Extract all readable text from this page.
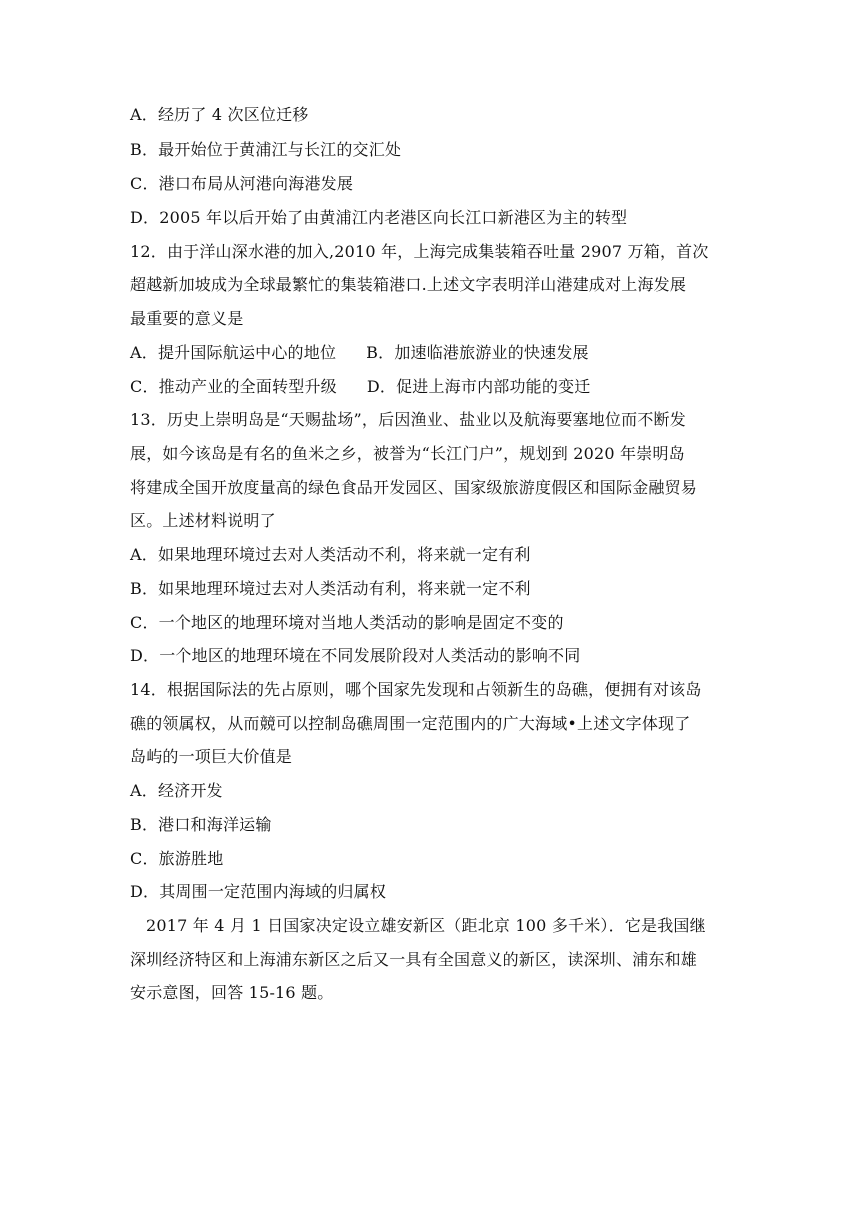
A．经历了 4 次区位迁移
B．最开始位于黄浦江与长江的交汇处
C．港口布局从河港向海港发展
D．2005 年以后开始了由黄浦江内老港区向长江口新港区为主的转型
12．由于洋山深水港的加入,2010 年，上海完成集装箱吞吐量 2907 万箱，首次
超越新加坡成为全球最繁忙的集装箱港口.上述文字表明洋山港建成对上海发展
最重要的意义是
A．提升国际航运中心的地位 B．加速临港旅游业的快速发展
C．推动产业的全面转型升级 D．促进上海市内部功能的变迁
13．历史上崇明岛是“天赐盐场”，后因渔业、盐业以及航海要塞地位而不断发
展，如今该岛是有名的鱼米之乡，被誉为“长江门户”，规划到 2020 年崇明岛
将建成全国开放度量高的绿色食品开发园区、国家级旅游度假区和国际金融贸易
区。上述材料说明了
A．如果地理环境过去对人类活动不利，将来就一定有利
B．如果地理环境过去对人类活动有利，将来就一定不利
C．一个地区的地理环境对当地人类活动的影响是固定不变的
D．一个地区的地理环境在不同发展阶段对人类活动的影响不同
14．根据国际法的先占原则，哪个国家先发现和占领新生的岛礁，便拥有对该岛
礁的领属权，从而競可以控制岛礁周围一定范围内的广大海域•上述文字体现了
岛屿的一项巨大价值是
A．经济开发
B．港口和海洋运输
C．旅游胜地
D．其周围一定范围内海域的归属权
2017 年 4 月 1 日国家决定设立雄安新区（距北京 100 多千米）．它是我国继
深圳经济特区和上海浦东新区之后又一具有全国意义的新区，读深圳、浦东和雄
安示意图，回答 15-16 题。
